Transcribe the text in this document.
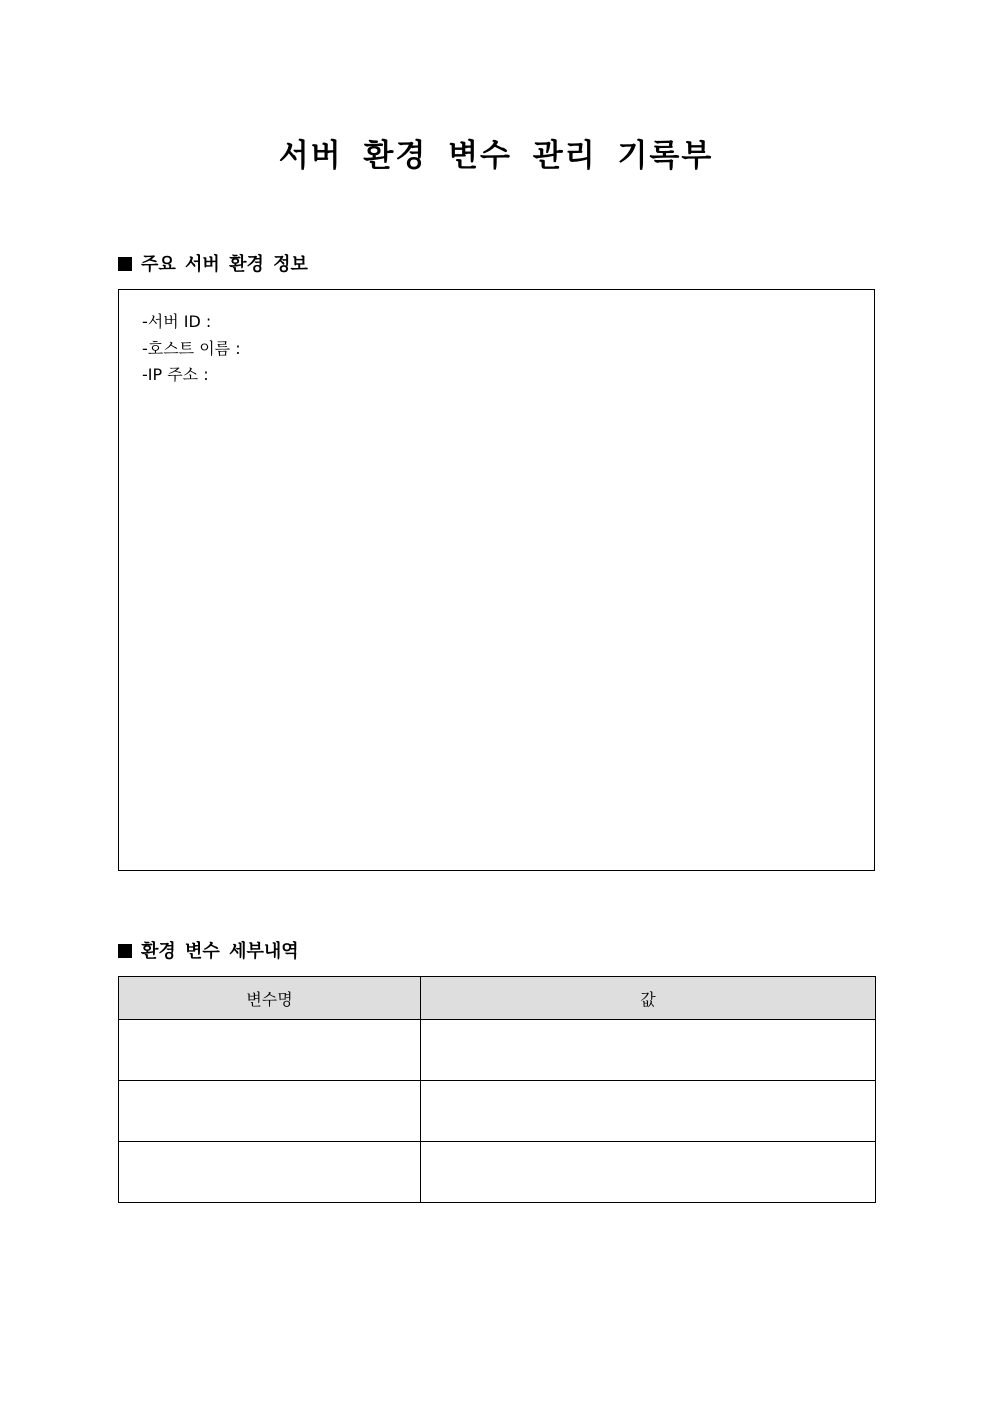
서버 환경 변수 관리 기록부
주요 서버 환경 정보
-서버 ID :
-호스트 이름 :
-IP 주소 :
환경 변수 세부내역
변수명	값
